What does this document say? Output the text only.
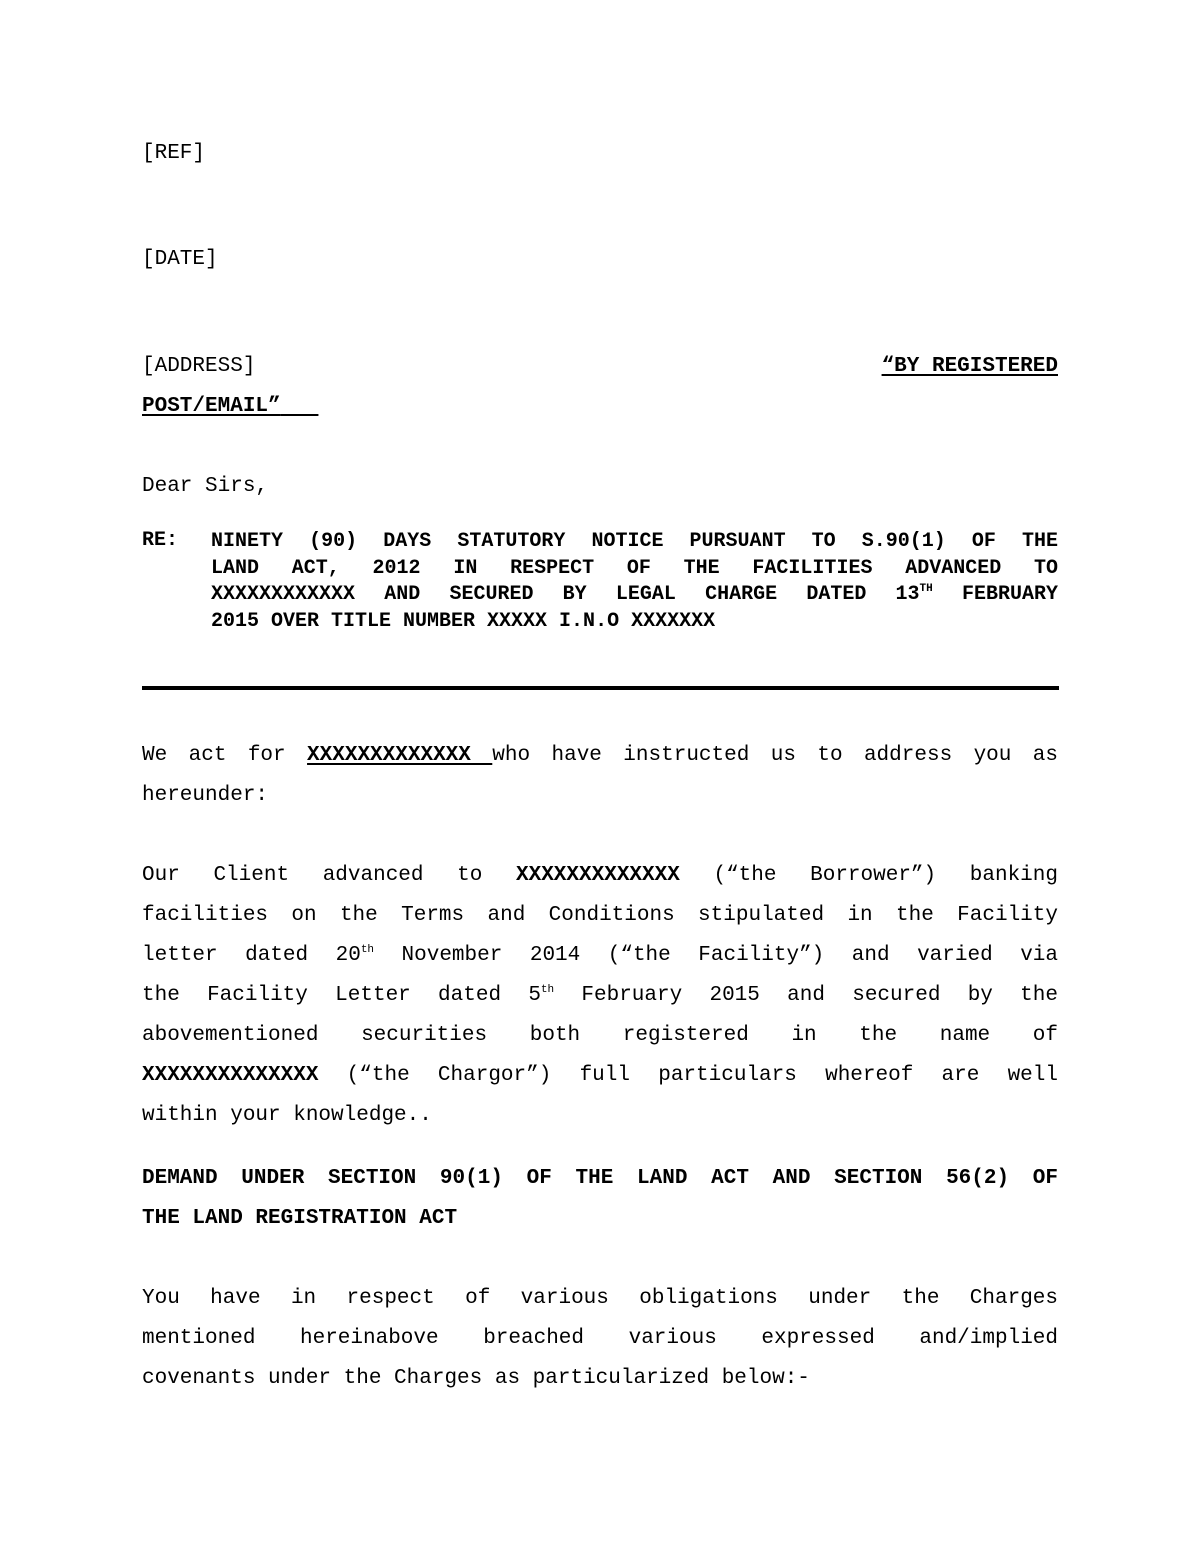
[REF]
[DATE]
[ADDRESS]	“BY REGISTERED
POST/EMAIL”
Dear Sirs,
RE: NINETY (90) DAYS STATUTORY NOTICE PURSUANT TO S.90(1) OF THE
LAND ACT, 2012 IN RESPECT OF THE FACILITIES ADVANCED TO
XXXXXXXXXXXX AND SECURED BY LEGAL CHARGE DATED 13TH FEBRUARY
2015 OVER TITLE NUMBER XXXXX I.N.O XXXXXXX
We act for XXXXXXXXXXXXX who have instructed us to address you as
hereunder:
Our Client advanced to XXXXXXXXXXXXX (“the Borrower”) banking
facilities on the Terms and Conditions stipulated in the Facility
letter dated 20th November 2014 (“the Facility”) and varied via
the Facility Letter dated 5th February 2015 and secured by the
abovementioned securities both registered in the name of
XXXXXXXXXXXXXX (“the Chargor”) full particulars whereof are well
within your knowledge..
DEMAND UNDER SECTION 90(1) OF THE LAND ACT AND SECTION 56(2) OF
THE LAND REGISTRATION ACT
You have in respect of various obligations under the Charges
mentioned hereinabove breached various expressed and/implied
covenants under the Charges as particularized below:-
